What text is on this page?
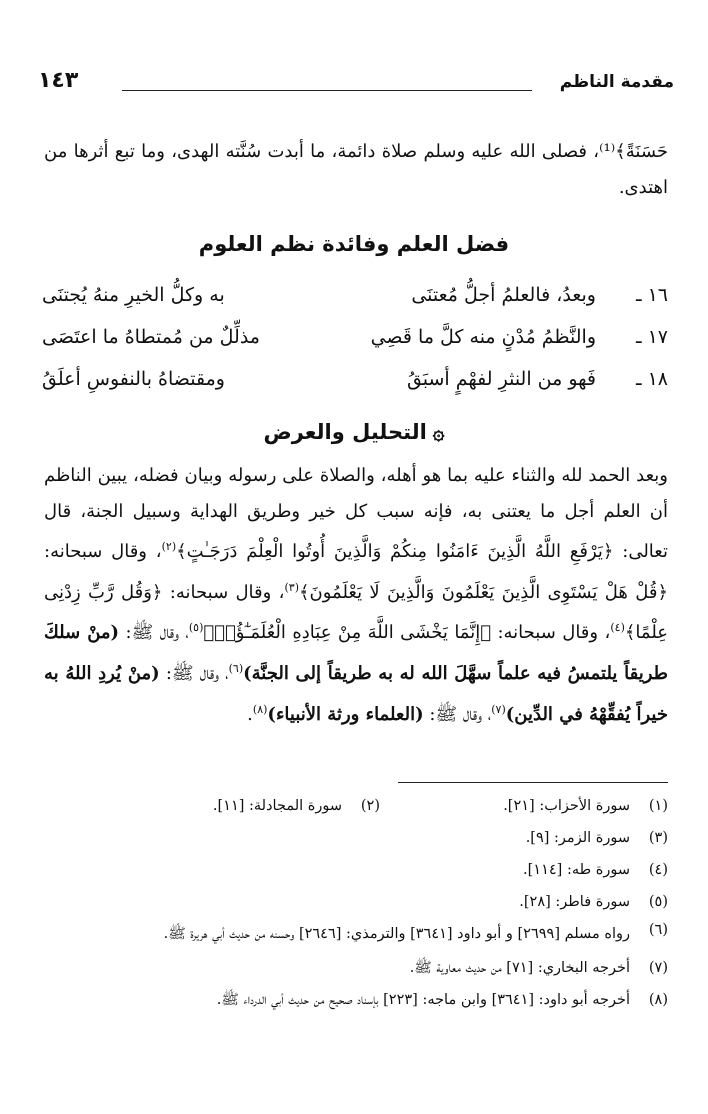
مقدمة الناظم
١٤٣
حَسَنَةً﴾⁽¹⁾، فصلى الله عليه وسلم صلاة دائمة، ما أبدت سُنَّته الهدى، وما تبع أثرها من اهتدى.
فضل العلم وفائدة نظم العلوم
١٦ ـ
وبعدُ، فالعلمُ أجلُّ مُعتنَى
به وكلُّ الخيرِ منهُ يُجتنَى
١٧ ـ
والنَّظمُ مُدْنٍ منه كلَّ ما قَصِي
مذلِّلٌ من مُمتطاهُ ما اعتَصَى
١٨ ـ
فَهو من النثرِ لفهْمٍ أسبَقُ
ومقتضاهُ بالنفوسِ أعلَقُ
۞التحليل والعرض
وبعد الحمد لله والثناء عليه بما هو أهله، والصلاة على رسوله وبيان فضله، يبين الناظم أن العلم أجل ما يعتنى به، فإنه سبب كل خير وطريق الهداية وسبيل الجنة، قال تعالى: ﴿يَرْفَعِ اللَّهُ الَّذِينَ ءَامَنُوا مِنكُمْ وَالَّذِينَ أُوتُوا الْعِلْمَ دَرَجَـٰتٍ﴾$^{(٢)}$، وقال سبحانه: ﴿قُلْ هَلْ يَسْتَوِى الَّذِينَ يَعْلَمُونَ وَالَّذِينَ لَا يَعْلَمُونَ﴾$^{(٣)}$، وقال سبحانه: ﴿وَقُل رَّبِّ زِدْنِى عِلْمًا﴾$^{(٤)}$، وقال سبحانه: ﴿إِنَّمَا يَخْشَى اللَّهَ مِنْ عِبَادِهِ الْعُلَمَـٰٓؤُا۟﴾$^{(٥)}$، وقال ﷺ: (منْ سلكَ طريقاً يلتمسُ فيه علماً سهَّلَ الله له به طريقاً إلى الجنَّة)$^{(٦)}$، وقال ﷺ: (منْ يُردِ اللهُ به خيراً يُفقِّهْهُ في الدِّين)$^{(٧)}$، وقال ﷺ: (العلماء ورثة الأنبياء)$^{(٨)}$.
(١)
سورة الأحزاب: [٢١].
(٢)
سورة المجادلة: [١١].
(٣)
سورة الزمر: [٩].
(٤)
سورة طه: [١١٤].
(٥)
سورة فاطر: [٢٨].
(٦)
رواه مسلم [٢٦٩٩] و أبو داود [٣٦٤١] والترمذي: [٢٦٤٦] وحسنه من حديث أبي هريرة ﷺ.
(٧)
أخرجه البخاري: [٧١] من حديث معاوية ﷺ.
(٨)
أخرجه أبو داود: [٣٦٤١] وابن ماجه: [٢٢٣] بإسناد صحيح من حديث أبي الدرداء ﷺ.
